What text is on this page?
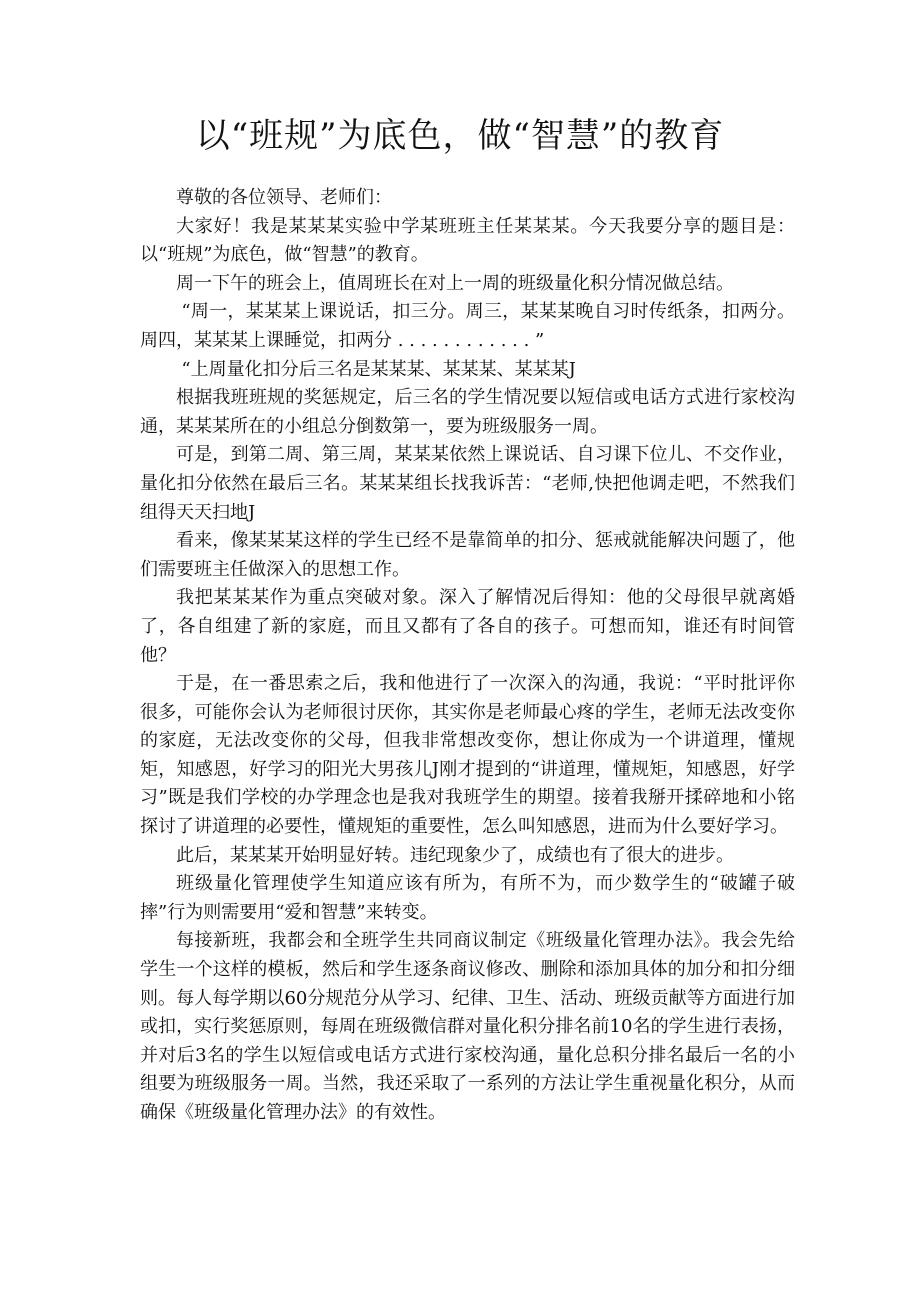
以“班规”为底色，做“智慧”的教育

尊敬的各位领导、老师们：

大家好！我是某某某实验中学某班班主任某某某。今天我要分享的题目是：以“班规”为底色，做“智慧”的教育。

周一下午的班会上，值周班长在对上一周的班级量化积分情况做总结。

“周一，某某某上课说话，扣三分。周三，某某某晚自习时传纸条，扣两分。周四，某某某上课睡觉，扣两分 . . . . . . . . . . . . ”

“上周量化扣分后三名是某某某、某某某、某某某J

根据我班班规的奖惩规定，后三名的学生情况要以短信或电话方式进行家校沟通，某某某所在的小组总分倒数第一，要为班级服务一周。

可是，到第二周、第三周，某某某依然上课说话、自习课下位儿、不交作业，量化扣分依然在最后三名。某某某组长找我诉苦：“老师,快把他调走吧，不然我们组得天天扫地J

看来，像某某某这样的学生已经不是靠简单的扣分、惩戒就能解决问题了，他们需要班主任做深入的思想工作。

我把某某某作为重点突破对象。深入了解情况后得知：他的父母很早就离婚了，各自组建了新的家庭，而且又都有了各自的孩子。可想而知，谁还有时间管他？

于是，在一番思索之后，我和他进行了一次深入的沟通，我说：“平时批评你很多，可能你会认为老师很讨厌你，其实你是老师最心疼的学生，老师无法改变你的家庭，无法改变你的父母，但我非常想改变你，想让你成为一个讲道理，懂规矩，知感恩，好学习的阳光大男孩儿J刚才提到的“讲道理，懂规矩，知感恩，好学习”既是我们学校的办学理念也是我对我班学生的期望。接着我掰开揉碎地和小铭探讨了讲道理的必要性，懂规矩的重要性，怎么叫知感恩，进而为什么要好学习。

此后，某某某开始明显好转。违纪现象少了，成绩也有了很大的进步。

班级量化管理使学生知道应该有所为，有所不为，而少数学生的“破罐子破摔”行为则需要用“爱和智慧”来转变。

每接新班，我都会和全班学生共同商议制定《班级量化管理办法》。我会先给学生一个这样的模板，然后和学生逐条商议修改、删除和添加具体的加分和扣分细则。每人每学期以60分规范分从学习、纪律、卫生、活动、班级贡献等方面进行加或扣，实行奖惩原则，每周在班级微信群对量化积分排名前10名的学生进行表扬，并对后3名的学生以短信或电话方式进行家校沟通，量化总积分排名最后一名的小组要为班级服务一周。当然，我还采取了一系列的方法让学生重视量化积分，从而确保《班级量化管理办法》的有效性。
